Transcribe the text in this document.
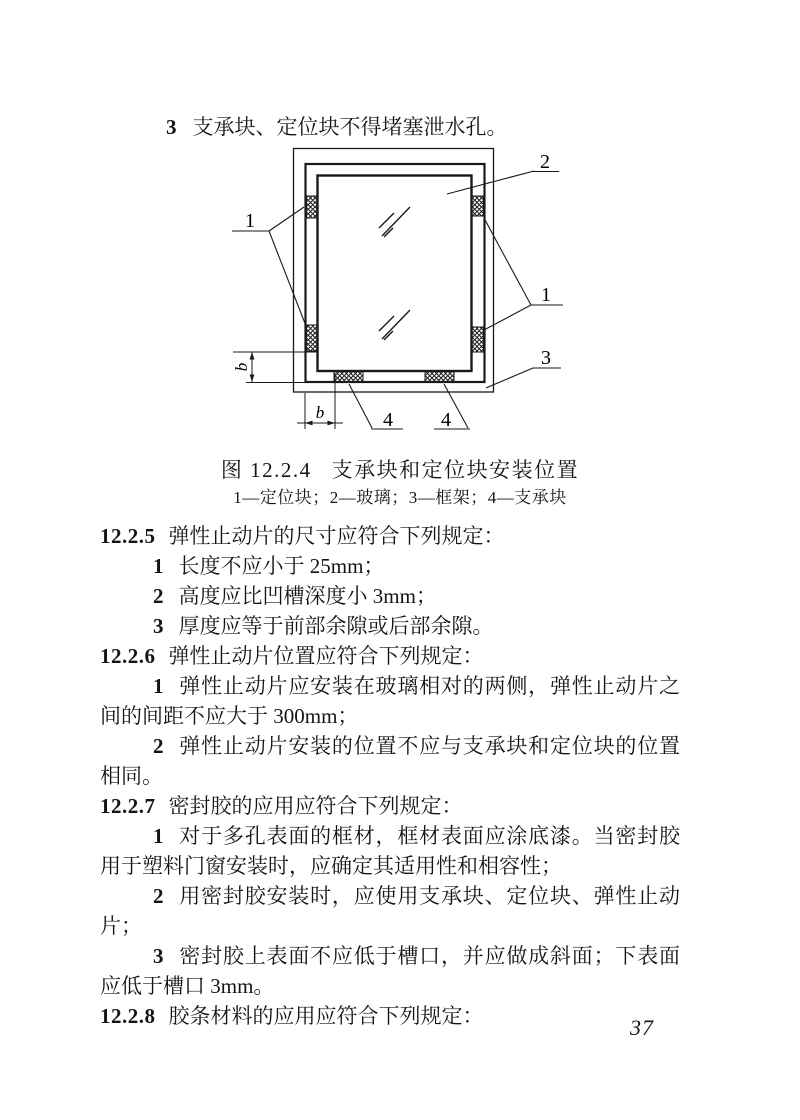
3 支承块、定位块不得堵塞泄水孔。

2
1
1
3
4 4
b
b
图 12.2.4 支承块和定位块安装位置
1—定位块；2—玻璃；3—框架；4—支承块

12.2.5 弹性止动片的尺寸应符合下列规定：

1 长度不应小于 25mm；

2 高度应比凹槽深度小 3mm；

3 厚度应等于前部余隙或后部余隙。

12.2.6 弹性止动片位置应符合下列规定：

1 弹性止动片应安装在玻璃相对的两侧，弹性止动片之间的间距不应大于 300mm；

2 弹性止动片安装的位置不应与支承块和定位块的位置相同。

12.2.7 密封胶的应用应符合下列规定：

1 对于多孔表面的框材，框材表面应涂底漆。当密封胶用于塑料门窗安装时，应确定其适用性和相容性；

2 用密封胶安装时，应使用支承块、定位块、弹性止动片；

3 密封胶上表面不应低于槽口，并应做成斜面；下表面应低于槽口 3mm。

12.2.8 胶条材料的应用应符合下列规定：	37
